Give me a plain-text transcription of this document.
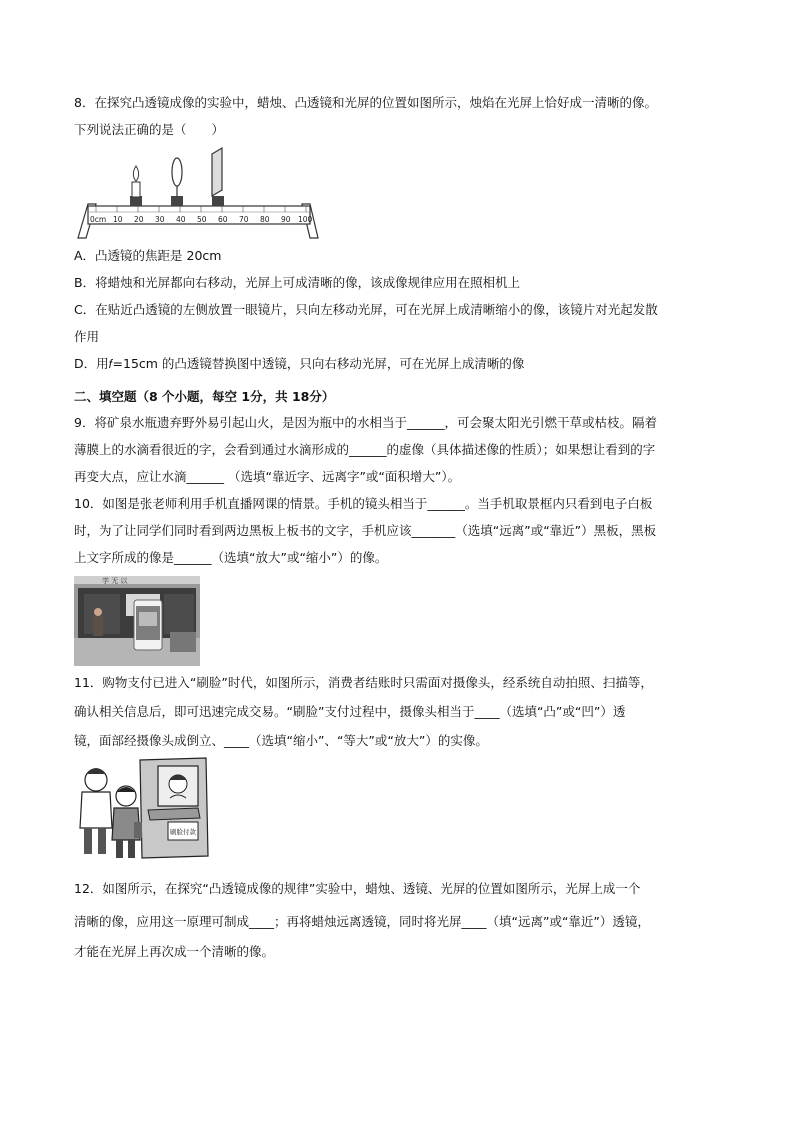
8．在探究凸透镜成像的实验中，蜡烛、凸透镜和光屏的位置如图所示，烛焰在光屏上恰好成一清晰的像。
下列说法正确的是（　　）
0cm 10 20 30 40 50 60 70 80 90 100
A．凸透镜的焦距是 20cm
B．将蜡烛和光屏都向右移动，光屏上可成清晰的像，该成像规律应用在照相机上
C．在贴近凸透镜的左侧放置一眼镜片，只向左移动光屏，可在光屏上成清晰缩小的像，该镜片对光起发散
作用
D．用𝑓=15cm 的凸透镜替换图中透镜，只向右移动光屏，可在光屏上成清晰的像
二、填空题（8 个小题，每空 1分，共 18分）
9．将矿泉水瓶遗弃野外易引起山火，是因为瓶中的水相当于______，可会聚太阳光引燃干草或枯枝。隔着
薄膜上的水滴看很近的字，会看到通过水滴形成的______的虚像（具体描述像的性质）；如果想让看到的字
再变大点，应让水滴______ （选填“靠近字、远离字”或“面积增大”）。
10．如图是张老师利用手机直播网课的情景。手机的镜头相当于______。当手机取景框内只看到电子白板
时，为了让同学们同时看到两边黑板上板书的文字，手机应该_______（选填“远离”或“靠近”）黑板，黑板
上文字所成的像是______（选填“放大”或“缩小”）的像。
学 无 以
11．购物支付已进入“刷脸”时代，如图所示，消费者结账时只需面对摄像头，经系统自动拍照、扫描等，
确认相关信息后，即可迅速完成交易。“刷脸”支付过程中，摄像头相当于____（选填“凸”或“凹”）透
镜，面部经摄像头成倒立、____（选填“缩小”、“等大”或“放大”）的实像。
刷脸付款
12．如图所示，在探究“凸透镜成像的规律”实验中，蜡烛、透镜、光屏的位置如图所示，光屏上成一个
清晰的像，应用这一原理可制成____；再将蜡烛远离透镜，同时将光屏____（填“远离”或“靠近”）透镜，
才能在光屏上再次成一个清晰的像。
